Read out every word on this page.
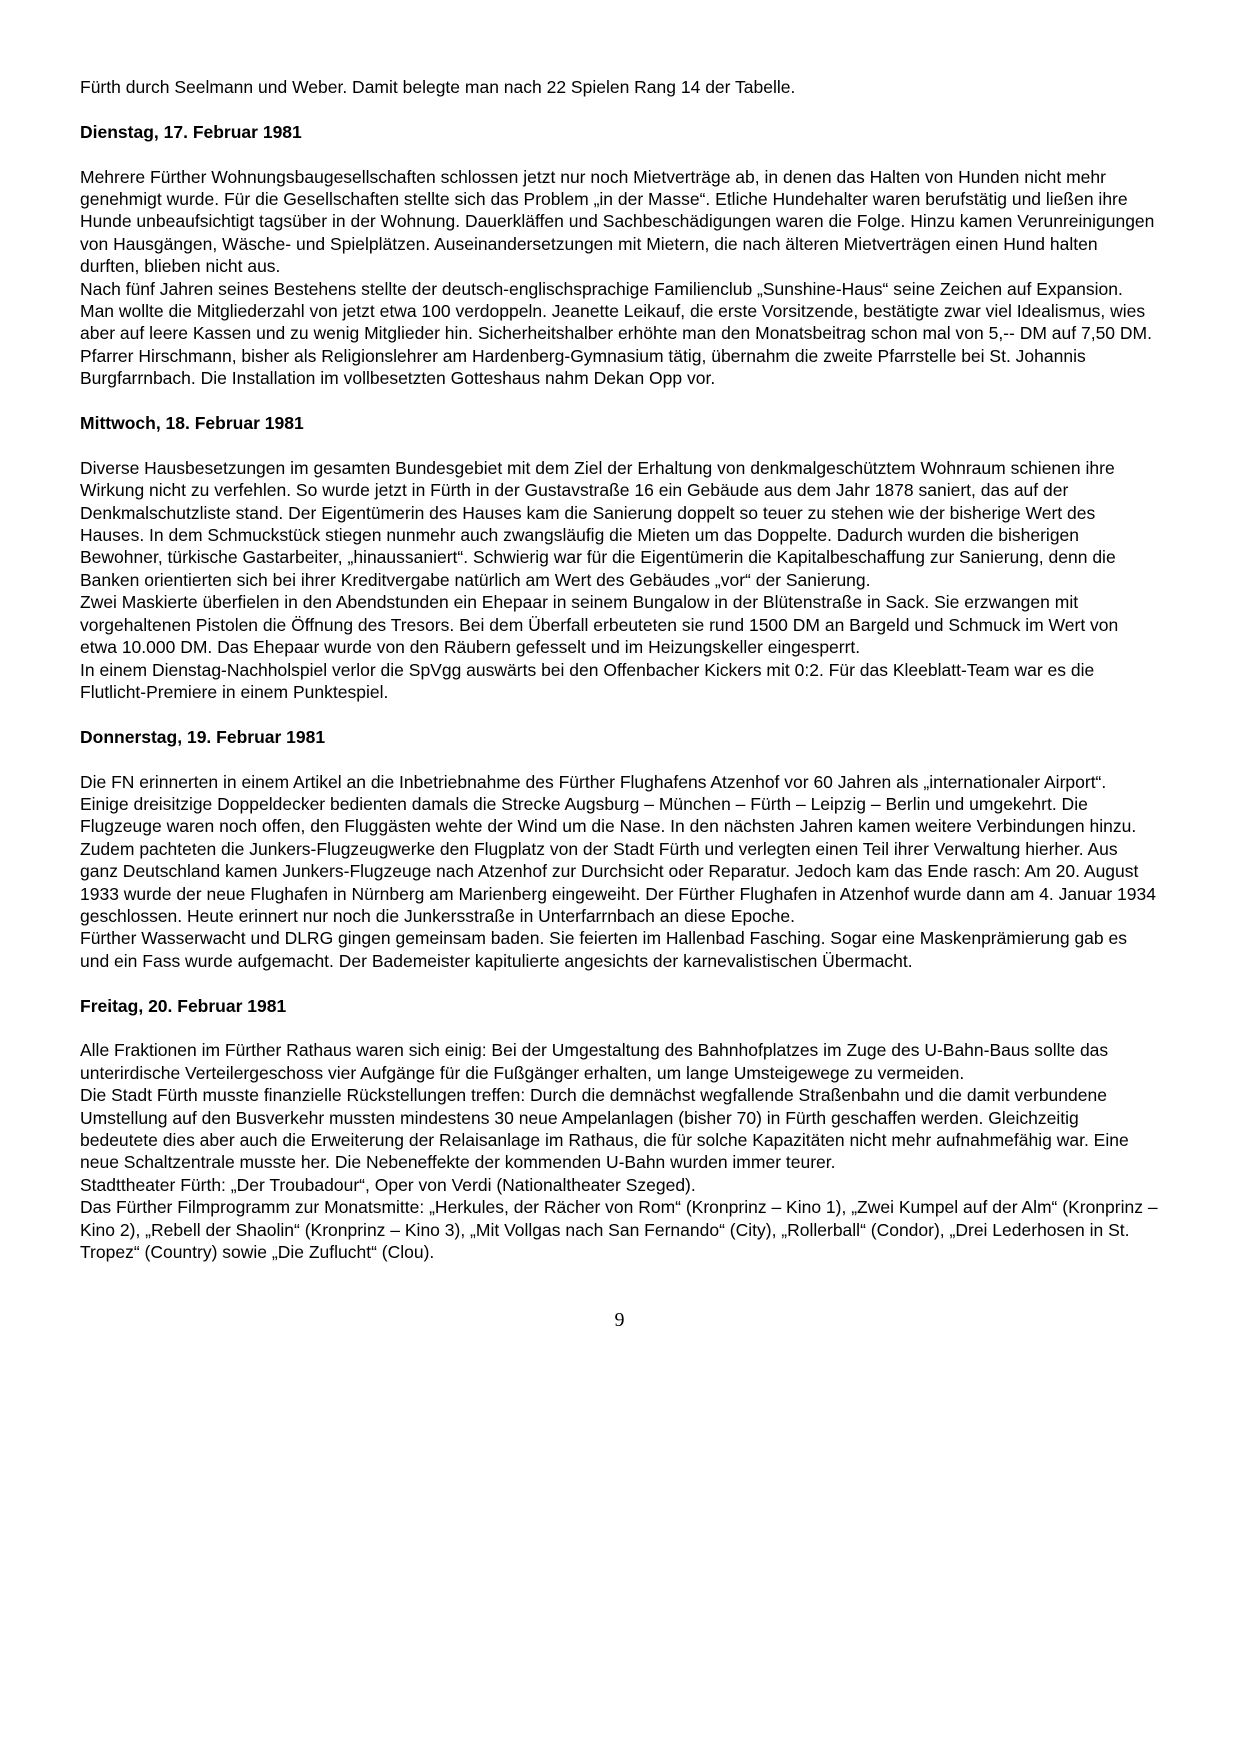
Fürth durch Seelmann und Weber. Damit belegte man nach 22 Spielen Rang 14 der Tabelle.

Dienstag, 17. Februar 1981

Mehrere Fürther Wohnungsbaugesellschaften schlossen jetzt nur noch Mietverträge ab, in denen das Halten von Hunden nicht mehr genehmigt wurde. Für die Gesellschaften stellte sich das Problem „in der Masse“. Etliche Hundehalter waren berufstätig und ließen ihre Hunde unbeaufsichtigt tagsüber in der Wohnung. Dauerkläffen und Sachbeschädigungen waren die Folge. Hinzu kamen Verunreinigungen von Hausgängen, Wäsche- und Spielplätzen. Auseinandersetzungen mit Mietern, die nach älteren Mietverträgen einen Hund halten durften, blieben nicht aus.

Nach fünf Jahren seines Bestehens stellte der deutsch-englischsprachige Familienclub „Sunshine-Haus“ seine Zeichen auf Expansion. Man wollte die Mitgliederzahl von jetzt etwa 100 verdoppeln. Jeanette Leikauf, die erste Vorsitzende, bestätigte zwar viel Idealismus, wies aber auf leere Kassen und zu wenig Mitglieder hin. Sicherheitshalber erhöhte man den Monatsbeitrag schon mal von 5,-- DM auf 7,50 DM.

Pfarrer Hirschmann, bisher als Religionslehrer am Hardenberg-Gymnasium tätig, übernahm die zweite Pfarrstelle bei St. Johannis Burgfarrnbach. Die Installation im vollbesetzten Gotteshaus nahm Dekan Opp vor.

Mittwoch, 18. Februar 1981

Diverse Hausbesetzungen im gesamten Bundesgebiet mit dem Ziel der Erhaltung von denkmalgeschütztem Wohnraum schienen ihre Wirkung nicht zu verfehlen. So wurde jetzt in Fürth in der Gustavstraße 16 ein Gebäude aus dem Jahr 1878 saniert, das auf der Denkmalschutzliste stand. Der Eigentümerin des Hauses kam die Sanierung doppelt so teuer zu stehen wie der bisherige Wert des Hauses. In dem Schmuckstück stiegen nunmehr auch zwangsläufig die Mieten um das Doppelte. Dadurch wurden die bisherigen Bewohner, türkische Gastarbeiter, „hinaussaniert“. Schwierig war für die Eigentümerin die Kapitalbeschaffung zur Sanierung, denn die Banken orientierten sich bei ihrer Kreditvergabe natürlich am Wert des Gebäudes „vor“ der Sanierung.

Zwei Maskierte überfielen in den Abendstunden ein Ehepaar in seinem Bungalow in der Blütenstraße in Sack. Sie erzwangen mit vorgehaltenen Pistolen die Öffnung des Tresors. Bei dem Überfall erbeuteten sie rund 1500 DM an Bargeld und Schmuck im Wert von etwa 10.000 DM. Das Ehepaar wurde von den Räubern gefesselt und im Heizungskeller eingesperrt.

In einem Dienstag-Nachholspiel verlor die SpVgg auswärts bei den Offenbacher Kickers mit 0:2. Für das Kleeblatt-Team war es die Flutlicht-Premiere in einem Punktespiel.

Donnerstag, 19. Februar 1981

Die FN erinnerten in einem Artikel an die Inbetriebnahme des Fürther Flughafens Atzenhof vor 60 Jahren als „internationaler Airport“. Einige dreisitzige Doppeldecker bedienten damals die Strecke Augsburg – München – Fürth – Leipzig – Berlin und umgekehrt. Die Flugzeuge waren noch offen, den Fluggästen wehte der Wind um die Nase. In den nächsten Jahren kamen weitere Verbindungen hinzu. Zudem pachteten die Junkers-Flugzeugwerke den Flugplatz von der Stadt Fürth und verlegten einen Teil ihrer Verwaltung hierher. Aus ganz Deutschland kamen Junkers-Flugzeuge nach Atzenhof zur Durchsicht oder Reparatur. Jedoch kam das Ende rasch: Am 20. August 1933 wurde der neue Flughafen in Nürnberg am Marienberg eingeweiht. Der Fürther Flughafen in Atzenhof wurde dann am 4. Januar 1934 geschlossen. Heute erinnert nur noch die Junkersstraße in Unterfarrnbach an diese Epoche.

Fürther Wasserwacht und DLRG gingen gemeinsam baden. Sie feierten im Hallenbad Fasching. Sogar eine Maskenprämierung gab es und ein Fass wurde aufgemacht. Der Bademeister kapitulierte angesichts der karnevalistischen Übermacht.

Freitag, 20. Februar 1981

Alle Fraktionen im Fürther Rathaus waren sich einig: Bei der Umgestaltung des Bahnhofplatzes im Zuge des U-Bahn-Baus sollte das unterirdische Verteilergeschoss vier Aufgänge für die Fußgänger erhalten, um lange Umsteigewege zu vermeiden.

Die Stadt Fürth musste finanzielle Rückstellungen treffen: Durch die demnächst wegfallende Straßenbahn und die damit verbundene Umstellung auf den Busverkehr mussten mindestens 30 neue Ampelanlagen (bisher 70) in Fürth geschaffen werden. Gleichzeitig bedeutete dies aber auch die Erweiterung der Relaisanlage im Rathaus, die für solche Kapazitäten nicht mehr aufnahmefähig war. Eine neue Schaltzentrale musste her. Die Nebeneffekte der kommenden U-Bahn wurden immer teurer.

Stadttheater Fürth: „Der Troubadour“, Oper von Verdi (Nationaltheater Szeged).

Das Fürther Filmprogramm zur Monatsmitte: „Herkules, der Rächer von Rom“ (Kronprinz – Kino 1), „Zwei Kumpel auf der Alm“ (Kronprinz – Kino 2), „Rebell der Shaolin“ (Kronprinz – Kino 3), „Mit Vollgas nach San Fernando“ (City), „Rollerball“ (Condor), „Drei Lederhosen in St. Tropez“ (Country) sowie „Die Zuflucht“ (Clou).

9
